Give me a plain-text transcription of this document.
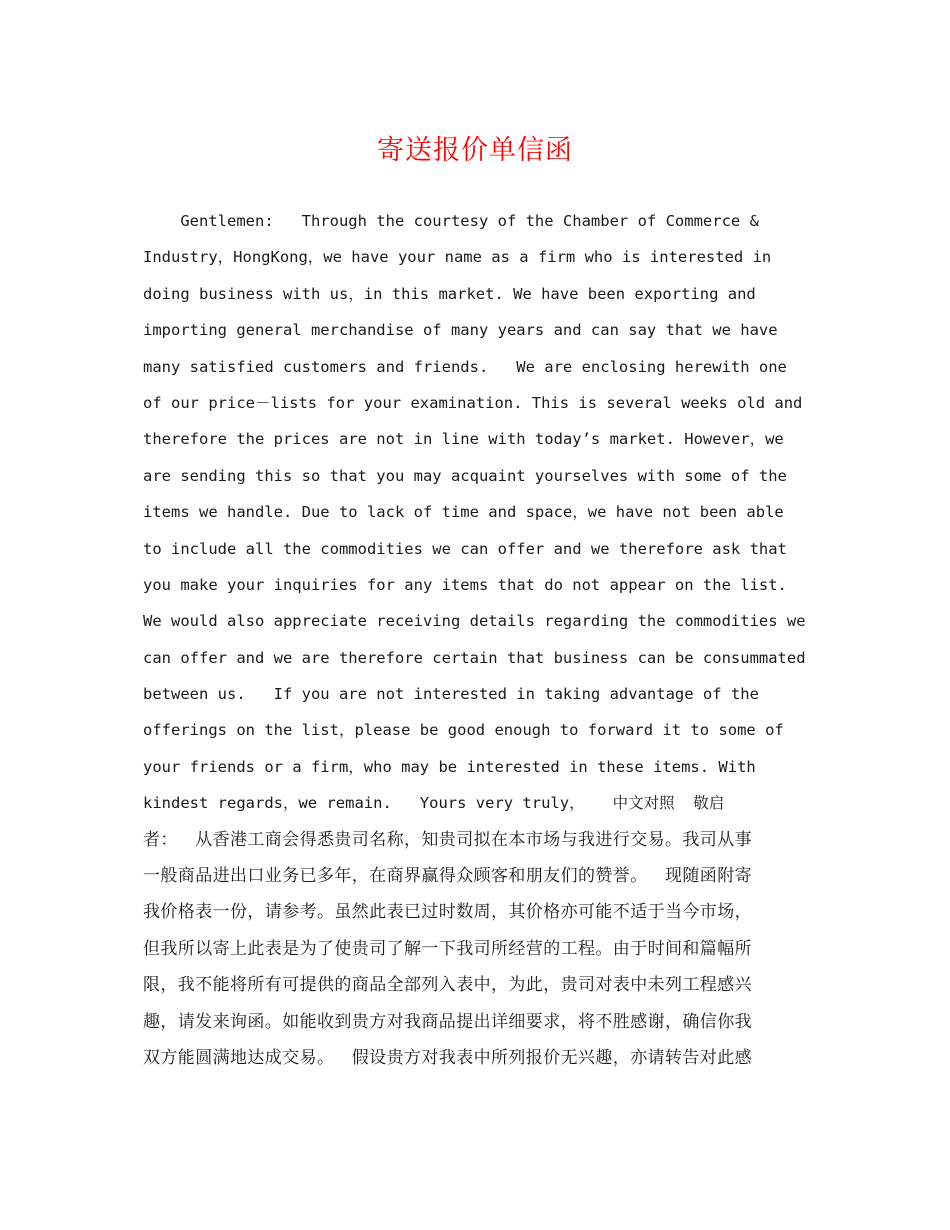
寄送报价单信函
Gentlemen:   Through the courtesy of the Chamber of Commerce &
Industry，HongKong，we have your name as a firm who is interested in
doing business with us，in this market. We have been exporting and
importing general merchandise of many years and can say that we have
many satisfied customers and friends.   We are enclosing herewith one
of our price－lists for your examination. This is several weeks old and
therefore the prices are not in line with today’s market. However，we
are sending this so that you may acquaint yourselves with some of the
items we handle. Due to lack of time and space，we have not been able
to include all the commodities we can offer and we therefore ask that
you make your inquiries for any items that do not appear on the list.
We would also appreciate receiving details regarding the commodities we
can offer and we are therefore certain that business can be consummated
between us.   If you are not interested in taking advantage of the
offerings on the list，please be good enough to forward it to some of
your friends or a firm，who may be interested in these items. With
kindest regards，we remain.   Yours very truly，   中文对照  敬启
者：   从香港工商会得悉贵司名称，知贵司拟在本市场与我进行交易。我司从事
一般商品进出口业务已多年，在商界赢得众顾客和朋友们的赞誉。   现随函附寄
我价格表一份，请参考。虽然此表已过时数周，其价格亦可能不适于当今市场，
但我所以寄上此表是为了使贵司了解一下我司所经营的工程。由于时间和篇幅所
限，我不能将所有可提供的商品全部列入表中，为此，贵司对表中未列工程感兴
趣，请发来询函。如能收到贵方对我商品提出详细要求，将不胜感谢，确信你我
双方能圆满地达成交易。   假设贵方对我表中所列报价无兴趣，亦请转告对此感
